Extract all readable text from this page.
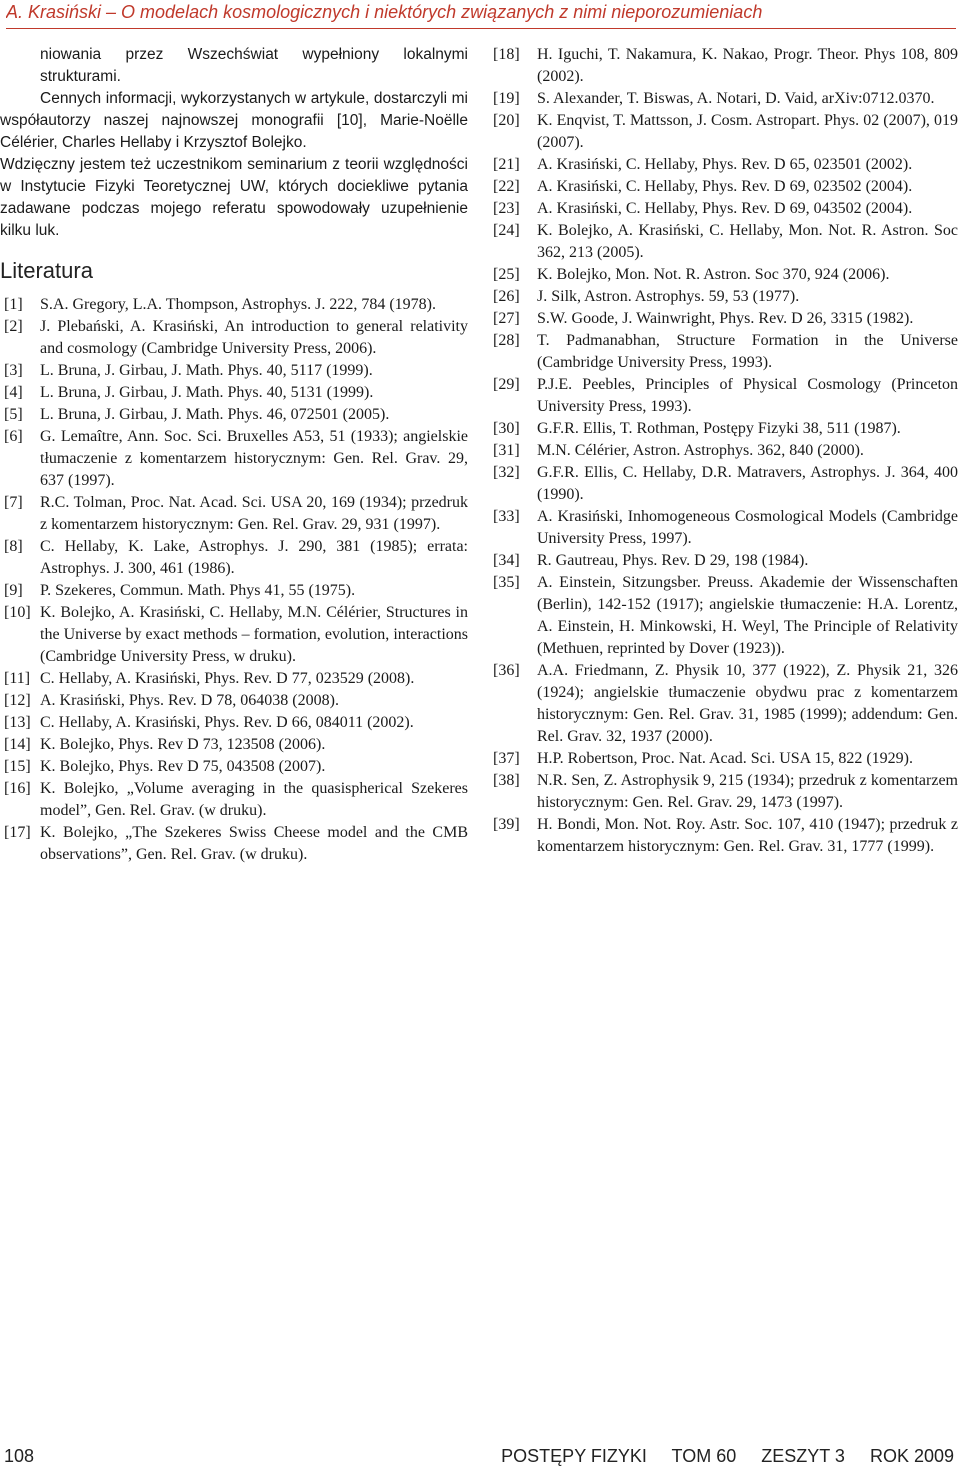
A. Krasiński – O modelach kosmologicznych i niektórych związanych z nimi nieporozumieniach

niowania przez Wszechświat wypełniony lokalnymi strukturami.

Cennych informacji, wykorzystanych w artykule, dostarczyli mi współautorzy naszej najnowszej monografii [10], Marie-Noëlle Célérier, Charles Hellaby i Krzysztof Bolejko.

Wdzięczny jestem też uczestnikom seminarium z teorii względności w Instytucie Fizyki Teoretycznej UW, których dociekliwe pytania zadawane podczas mojego referatu spowodowały uzupełnienie kilku luk.

Literatura
[1]	S.A. Gregory, L.A. Thompson, Astrophys. J. 222, 784 (1978).
[2]	J. Plebański, A. Krasiński, An introduction to general relativity and cosmology (Cambridge University Press, 2006).
[3]	L. Bruna, J. Girbau, J. Math. Phys. 40, 5117 (1999).
[4]	L. Bruna, J. Girbau, J. Math. Phys. 40, 5131 (1999).
[5]	L. Bruna, J. Girbau, J. Math. Phys. 46, 072501 (2005).
[6]	G. Lemaître, Ann. Soc. Sci. Bruxelles A53, 51 (1933); angielskie tłumaczenie z komentarzem historycznym: Gen. Rel. Grav. 29, 637 (1997).
[7]	R.C. Tolman, Proc. Nat. Acad. Sci. USA 20, 169 (1934); przedruk z komentarzem historycznym: Gen. Rel. Grav. 29, 931 (1997).
[8]	C. Hellaby, K. Lake, Astrophys. J. 290, 381 (1985); errata: Astrophys. J. 300, 461 (1986).
[9]	P. Szekeres, Commun. Math. Phys 41, 55 (1975).
[10] K. Bolejko, A. Krasiński, C. Hellaby, M.N. Célérier, Structures in the Universe by exact methods – formation, evolution, interactions (Cambridge University Press, w druku).
[11] C. Hellaby, A. Krasiński, Phys. Rev. D 77, 023529 (2008).
[12] A. Krasiński, Phys. Rev. D 78, 064038 (2008).
[13] C. Hellaby, A. Krasiński, Phys. Rev. D 66, 084011 (2002).
[14] K. Bolejko, Phys. Rev D 73, 123508 (2006).
[15] K. Bolejko, Phys. Rev D 75, 043508 (2007).
[16] K. Bolejko, „Volume averaging in the quasispherical Szekeres model”, Gen. Rel. Grav. (w druku).
[17] K. Bolejko, „The Szekeres Swiss Cheese model and the CMB observations”, Gen. Rel. Grav. (w druku).
[18]	H. Iguchi, T. Nakamura, K. Nakao, Progr. Theor. Phys 108, 809 (2002).
[19]	S. Alexander, T. Biswas, A. Notari, D. Vaid, arXiv:0712.0370.
[20]	K. Enqvist, T. Mattsson, J. Cosm. Astropart. Phys. 02 (2007), 019 (2007).
[21]	A. Krasiński, C. Hellaby, Phys. Rev. D 65, 023501 (2002).
[22]	A. Krasiński, C. Hellaby, Phys. Rev. D 69, 023502 (2004).
[23]	A. Krasiński, C. Hellaby, Phys. Rev. D 69, 043502 (2004).
[24]	K. Bolejko, A. Krasiński, C. Hellaby, Mon. Not. R. Astron. Soc 362, 213 (2005).
[25]	K. Bolejko, Mon. Not. R. Astron. Soc 370, 924 (2006).
[26]	J. Silk, Astron. Astrophys. 59, 53 (1977).
[27]	S.W. Goode, J. Wainwright, Phys. Rev. D 26, 3315 (1982).
[28]	T. Padmanabhan, Structure Formation in the Universe (Cambridge University Press, 1993).
[29]	P.J.E. Peebles, Principles of Physical Cosmology (Princeton University Press, 1993).
[30]	G.F.R. Ellis, T. Rothman, Postępy Fizyki 38, 511 (1987).
[31]	M.N. Célérier, Astron. Astrophys. 362, 840 (2000).
[32]	G.F.R. Ellis, C. Hellaby, D.R. Matravers, Astrophys. J. 364, 400 (1990).
[33]	A. Krasiński, Inhomogeneous Cosmological Models (Cambridge University Press, 1997).
[34]	R. Gautreau, Phys. Rev. D 29, 198 (1984).
[35]	A. Einstein, Sitzungsber. Preuss. Akademie der Wissenschaften (Berlin), 142-152 (1917); angielskie tłumaczenie: H.A. Lorentz, A. Einstein, H. Minkowski, H. Weyl, The Principle of Relativity (Methuen, reprinted by Dover (1923)).
[36]	A.A. Friedmann, Z. Physik 10, 377 (1922), Z. Physik 21, 326 (1924); angielskie tłumaczenie obydwu prac z komentarzem historycznym: Gen. Rel. Grav. 31, 1985 (1999); addendum: Gen. Rel. Grav. 32, 1937 (2000).
[37]	H.P. Robertson, Proc. Nat. Acad. Sci. USA 15, 822 (1929).
[38]	N.R. Sen, Z. Astrophysik 9, 215 (1934); przedruk z komentarzem historycznym: Gen. Rel. Grav. 29, 1473 (1997).
[39]	H. Bondi, Mon. Not. Roy. Astr. Soc. 107, 410 (1947); przedruk z komentarzem historycznym: Gen. Rel. Grav. 31, 1777 (1999).
108	POSTĘPY FIZYKI     TOM 60     ZESZYT 3     ROK 2009
